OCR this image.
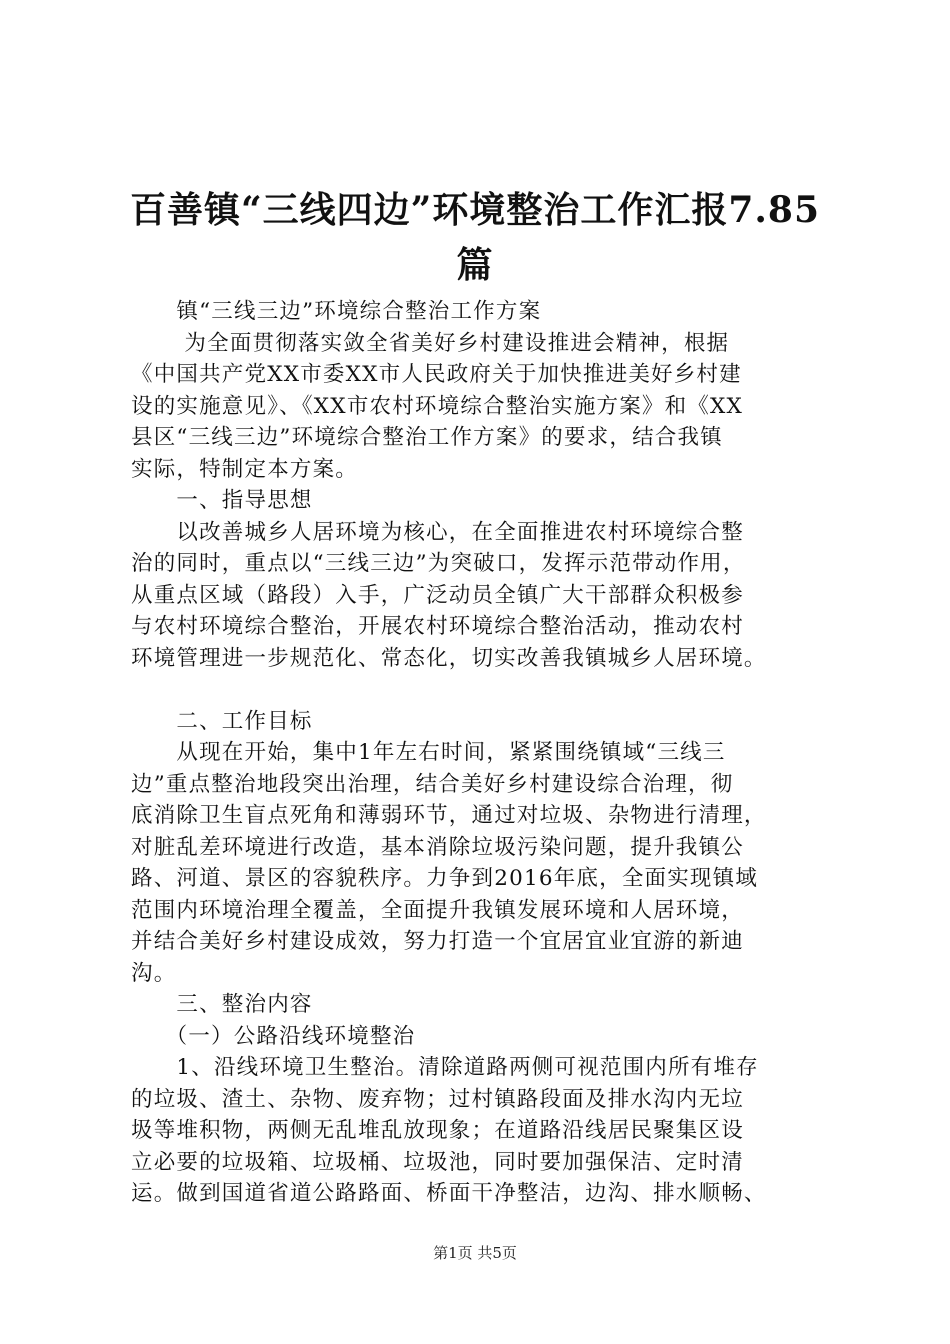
百善镇“三线四边”环境整治工作汇报7.85
篇
　　镇“三线三边”环境综合整治工作方案
　　 为全面贯彻落实敛全省美好乡村建设推进会精神，根据
《中国共产党XX市委XX市人民政府关于加快推进美好乡村建
设的实施意见》、《XX市农村环境综合整治实施方案》和《XX
县区“三线三边”环境综合整治工作方案》的要求，结合我镇
实际，特制定本方案。
　　一、指导思想
　　以改善城乡人居环境为核心，在全面推进农村环境综合整
治的同时，重点以“三线三边”为突破口，发挥示范带动作用，
从重点区域（路段）入手，广泛动员全镇广大干部群众积极参
与农村环境综合整治，开展农村环境综合整治活动，推动农村
环境管理进一步规范化、常态化，切实改善我镇城乡人居环境。
　　二、工作目标
　　从现在开始，集中1年左右时间，紧紧围绕镇域“三线三
边”重点整治地段突出治理，结合美好乡村建设综合治理，彻
底消除卫生盲点死角和薄弱环节，通过对垃圾、杂物进行清理，
对脏乱差环境进行改造，基本消除垃圾污染问题，提升我镇公
路、河道、景区的容貌秩序。力争到2016年底，全面实现镇域
范围内环境治理全覆盖，全面提升我镇发展环境和人居环境，
并结合美好乡村建设成效，努力打造一个宜居宜业宜游的新迪
沟。
　　三、整治内容
　　（一）公路沿线环境整治
　　1、沿线环境卫生整治。清除道路两侧可视范围内所有堆存
的垃圾、渣土、杂物、废弃物；过村镇路段面及排水沟内无垃
圾等堆积物，两侧无乱堆乱放现象；在道路沿线居民聚集区设
立必要的垃圾箱、垃圾桶、垃圾池，同时要加强保洁、定时清
运。做到国道省道公路路面、桥面干净整洁，边沟、排水顺畅、
第1页 共5页
